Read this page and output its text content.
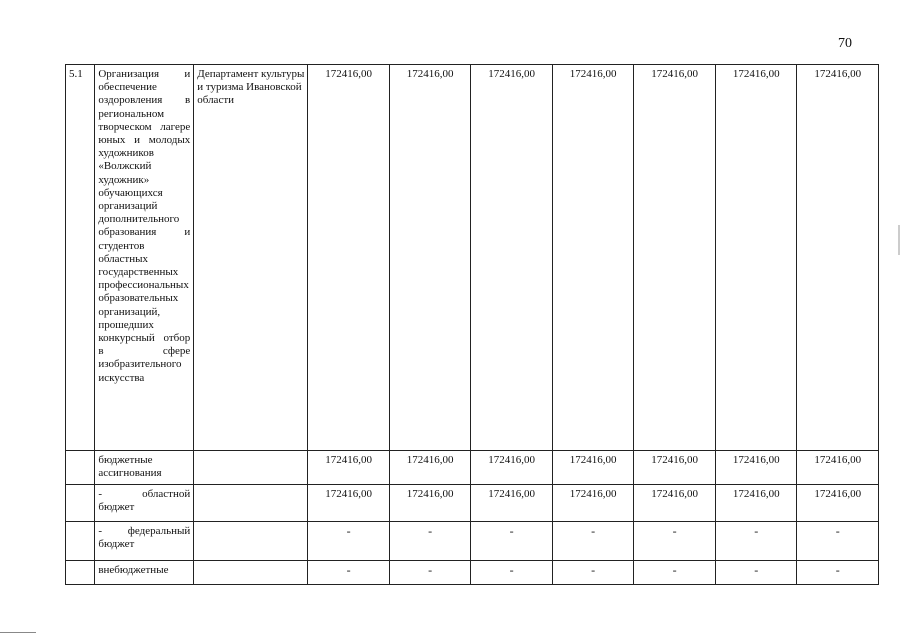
70
5.1	Организация и обеспечение оздоровления в региональном творческом лагере юных и молодых художников «Волжский художник» обучающихся организаций дополнительного образования и студентов областных государственных профессиональных образовательных организаций, прошедших конкурсный отбор в сфере изобразительного искусства	Департамент культуры и туризма Ивановской области	172416,00	172416,00	172416,00	172416,00	172416,00	172416,00	172416,00
	бюджетные ассигнования		172416,00	172416,00	172416,00	172416,00	172416,00	172416,00	172416,00
	- областной бюджет		172416,00	172416,00	172416,00	172416,00	172416,00	172416,00	172416,00
	- федеральный бюджет		-	-	-	-	-	-	-
	внебюджетные		-	-	-	-	-	-	-
